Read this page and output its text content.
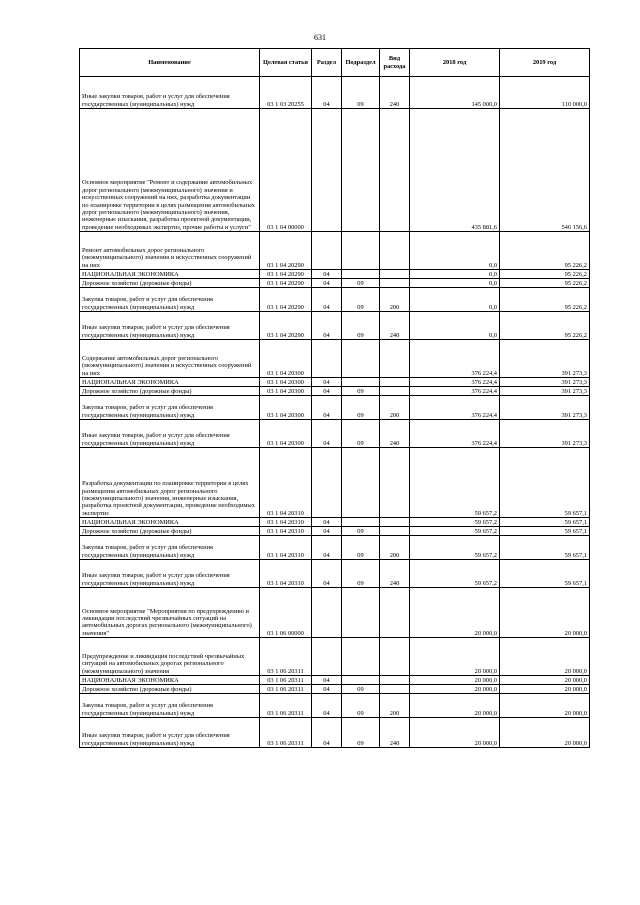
631
Наименование	Целевая статья	Раздел	Подраздел	Вид расхода	2018 год	2019 год
Иные закупки товаров, работ и услуг для обеспечения государственных (муниципальных) нужд	03 1 03 20255	04	09	240	145 000,0	110 000,0
Основное мероприятие "Ремонт и содержание автомобильных дорог регионального (межмуниципального) значения и искусственных сооружений на них, разработка документации по планировке территории в целях размещения автомобильных дорог регионального (межмуниципального) значения, инженерные изыскания, разработка проектной документации, проведение необходимых экспертиз, прочие работы и услуги"	03 1 04 00000				435 881,6	546 156,6
Ремонт автомобильных дорог регионального (межмуниципального) значения и искусственных сооружений на них	03 1 04 20290				0,0	95 226,2
НАЦИОНАЛЬНАЯ ЭКОНОМИКА	03 1 04 20290	04			0,0	95 226,2
Дорожное хозяйство (дорожные фонды)	03 1 04 20290	04	09		0,0	95 226,2
Закупка товаров, работ и услуг для обеспечения государственных (муниципальных) нужд	03 1 04 20290	04	09	200	0,0	95 226,2
Иные закупки товаров, работ и услуг для обеспечения государственных (муниципальных) нужд	03 1 04 20290	04	09	240	0,0	95 226,2
Содержание автомобильных дорог регионального (межмуниципального) значения и искусственных сооружений на них	03 1 04 20300				376 224,4	391 273,3
НАЦИОНАЛЬНАЯ ЭКОНОМИКА	03 1 04 20300	04			376 224,4	391 273,3
Дорожное хозяйство (дорожные фонды)	03 1 04 20300	04	09		376 224,4	391 273,3
Закупка товаров, работ и услуг для обеспечения государственных (муниципальных) нужд	03 1 04 20300	04	09	200	376 224,4	391 273,3
Иные закупки товаров, работ и услуг для обеспечения государственных (муниципальных) нужд	03 1 04 20300	04	09	240	376 224,4	391 273,3
Разработка документации по планировке территории в целях размещения автомобильных дорог регионального (межмуниципального) значения, инженерные изыскания, разработка проектной документации, проведение необходимых экспертиз	03 1 04 20310				59 657,2	59 657,1
НАЦИОНАЛЬНАЯ ЭКОНОМИКА	03 1 04 20310	04			59 657,2	59 657,1
Дорожное хозяйство (дорожные фонды)	03 1 04 20310	04	09		59 657,2	59 657,1
Закупка товаров, работ и услуг для обеспечения государственных (муниципальных) нужд	03 1 04 20310	04	09	200	59 657,2	59 657,1
Иные закупки товаров, работ и услуг для обеспечения государственных (муниципальных) нужд	03 1 04 20310	04	09	240	59 657,2	59 657,1
Основное мероприятие "Мероприятия по предупреждению и ликвидации последствий чрезвычайных ситуаций на автомобильных дорогах регионального (межмуниципального) значения"	03 1 06 00000				20 000,0	20 000,0
Предупреждение и ликвидация последствий чрезвычайных ситуаций на автомобильных дорогах регионального (межмуниципального) значения	03 1 06 20311				20 000,0	20 000,0
НАЦИОНАЛЬНАЯ ЭКОНОМИКА	03 1 06 20311	04			20 000,0	20 000,0
Дорожное хозяйство (дорожные фонды)	03 1 06 20311	04	09		20 000,0	20 000,0
Закупка товаров, работ и услуг для обеспечения государственных (муниципальных) нужд	03 1 06 20311	04	09	200	20 000,0	20 000,0
Иные закупки товаров, работ и услуг для обеспечения государственных (муниципальных) нужд	03 1 06 20311	04	09	240	20 000,0	20 000,0
